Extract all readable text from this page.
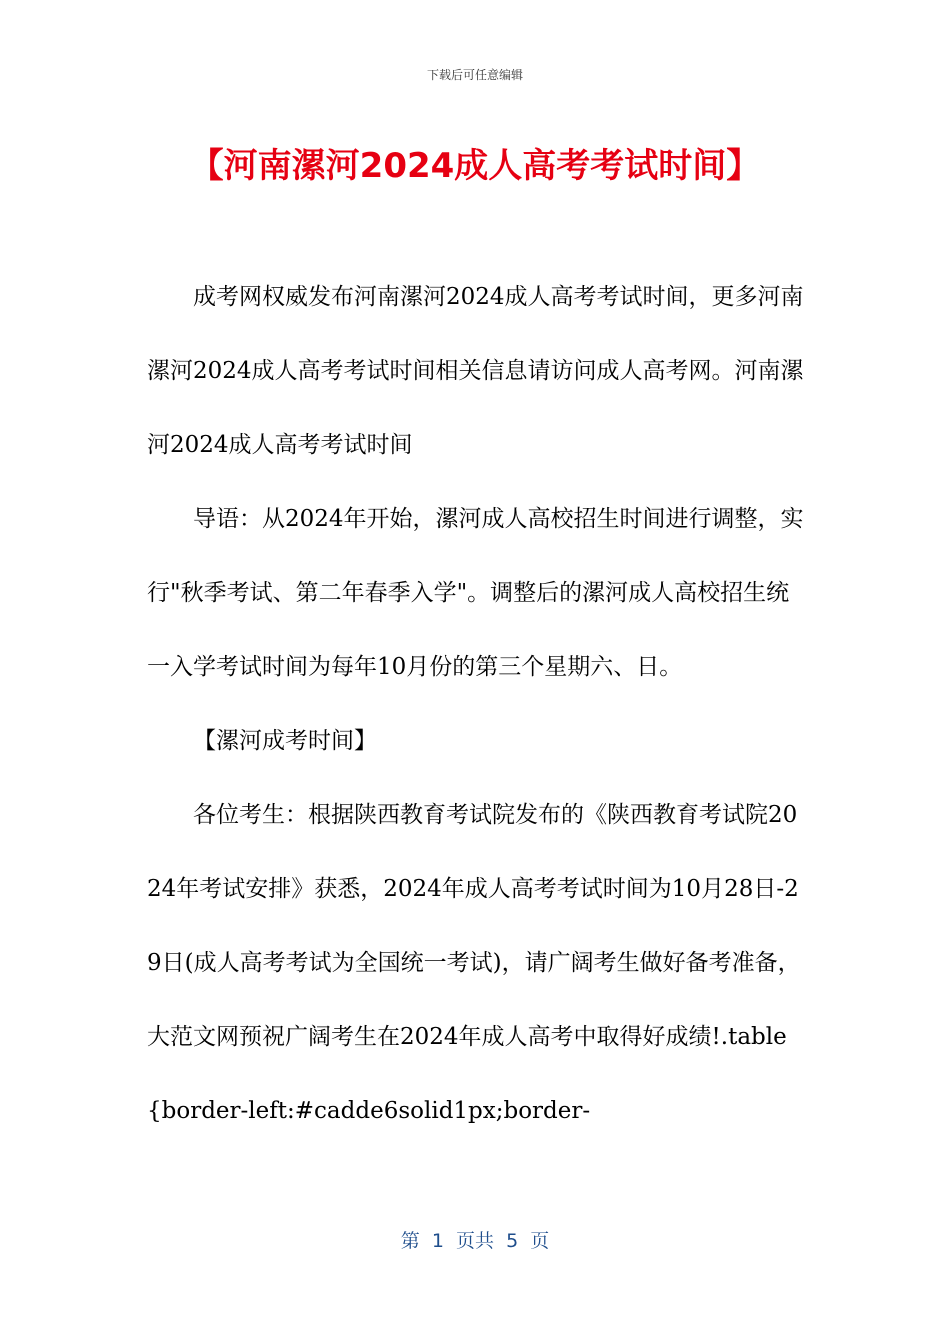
下载后可任意编辑
【河南漯河2024成人高考考试时间】

成考网权威发布河南漯河2024成人高考考试时间，更多河南漯河2024成人高考考试时间相关信息请访问成人高考网。河南漯河2024成人高考考试时间

导语：从2024年开始，漯河成人高校招生时间进行调整，实行"秋季考试、第二年春季入学"。调整后的漯河成人高校招生统一入学考试时间为每年10月份的第三个星期六、日。

【漯河成考时间】

各位考生：根据陕西教育考试院发布的《陕西教育考试院2024年考试安排》获悉，2024年成人高考考试时间为10月28日-29日(成人高考考试为全国统一考试)，请广阔考生做好备考准备，大范文网预祝广阔考生在2024年成人高考中取得好成绩!.table{border-left:#cadde6solid1px;border-

第  1  页共  5  页
